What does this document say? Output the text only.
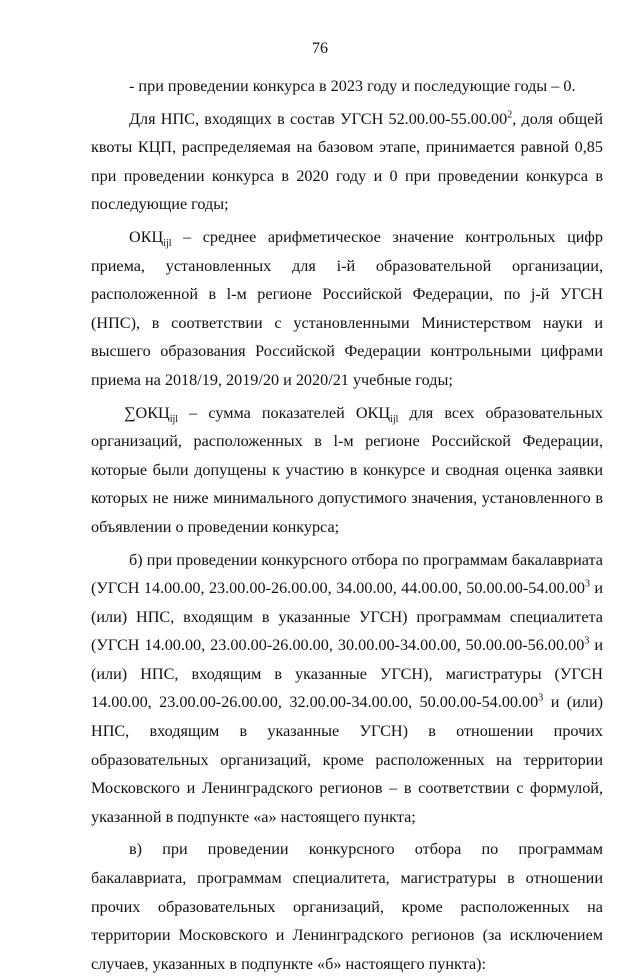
76

- при проведении конкурса в 2023 году и последующие годы – 0.

Для НПС, входящих в состав УГСН 52.00.00-55.00.00$^2$, доля общей квоты КЦП, распределяемая на базовом этапе, принимается равной 0,85 при проведении конкурса в 2020 году и 0 при проведении конкурса в последующие годы;

$ОКЦ_{ijl}$ – среднее арифметическое значение контрольных цифр приема, установленных для i-й образовательной организации, расположенной в l-м регионе Российской Федерации, по j-й УГСН (НПС), в соответствии с установленными Министерством науки и высшего образования Российской Федерации контрольными цифрами приема на 2018/19, 2019/20 и 2020/21 учебные годы;

$\sum ОКЦ_{ijl}$ – сумма показателей $ОКЦ_{ijl}$ для всех образовательных организаций, расположенных в l-м регионе Российской Федерации, которые были допущены к участию в конкурсе и сводная оценка заявки которых не ниже минимального допустимого значения, установленного в объявлении о проведении конкурса;

б) при проведении конкурсного отбора по программам бакалавриата (УГСН 14.00.00, 23.00.00-26.00.00, 34.00.00, 44.00.00, 50.00.00-54.00.00$^3$ и (или) НПС, входящим в указанные УГСН) программам специалитета (УГСН 14.00.00, 23.00.00-26.00.00, 30.00.00-34.00.00, 50.00.00-56.00.00$^3$ и (или) НПС, входящим в указанные УГСН), магистратуры (УГСН 14.00.00, 23.00.00-26.00.00, 32.00.00-34.00.00, 50.00.00-54.00.00$^3$ и (или) НПС, входящим в указанные УГСН) в отношении прочих образовательных организаций, кроме расположенных на территории Московского и Ленинградского регионов – в соответствии с формулой, указанной в подпункте «а» настоящего пункта;

в) при проведении конкурсного отбора по программам бакалавриата, программам специалитета, магистратуры в отношении прочих образовательных организаций, кроме расположенных на территории Московского и Ленинградского регионов (за исключением случаев, указанных в подпункте «б» настоящего пункта):
